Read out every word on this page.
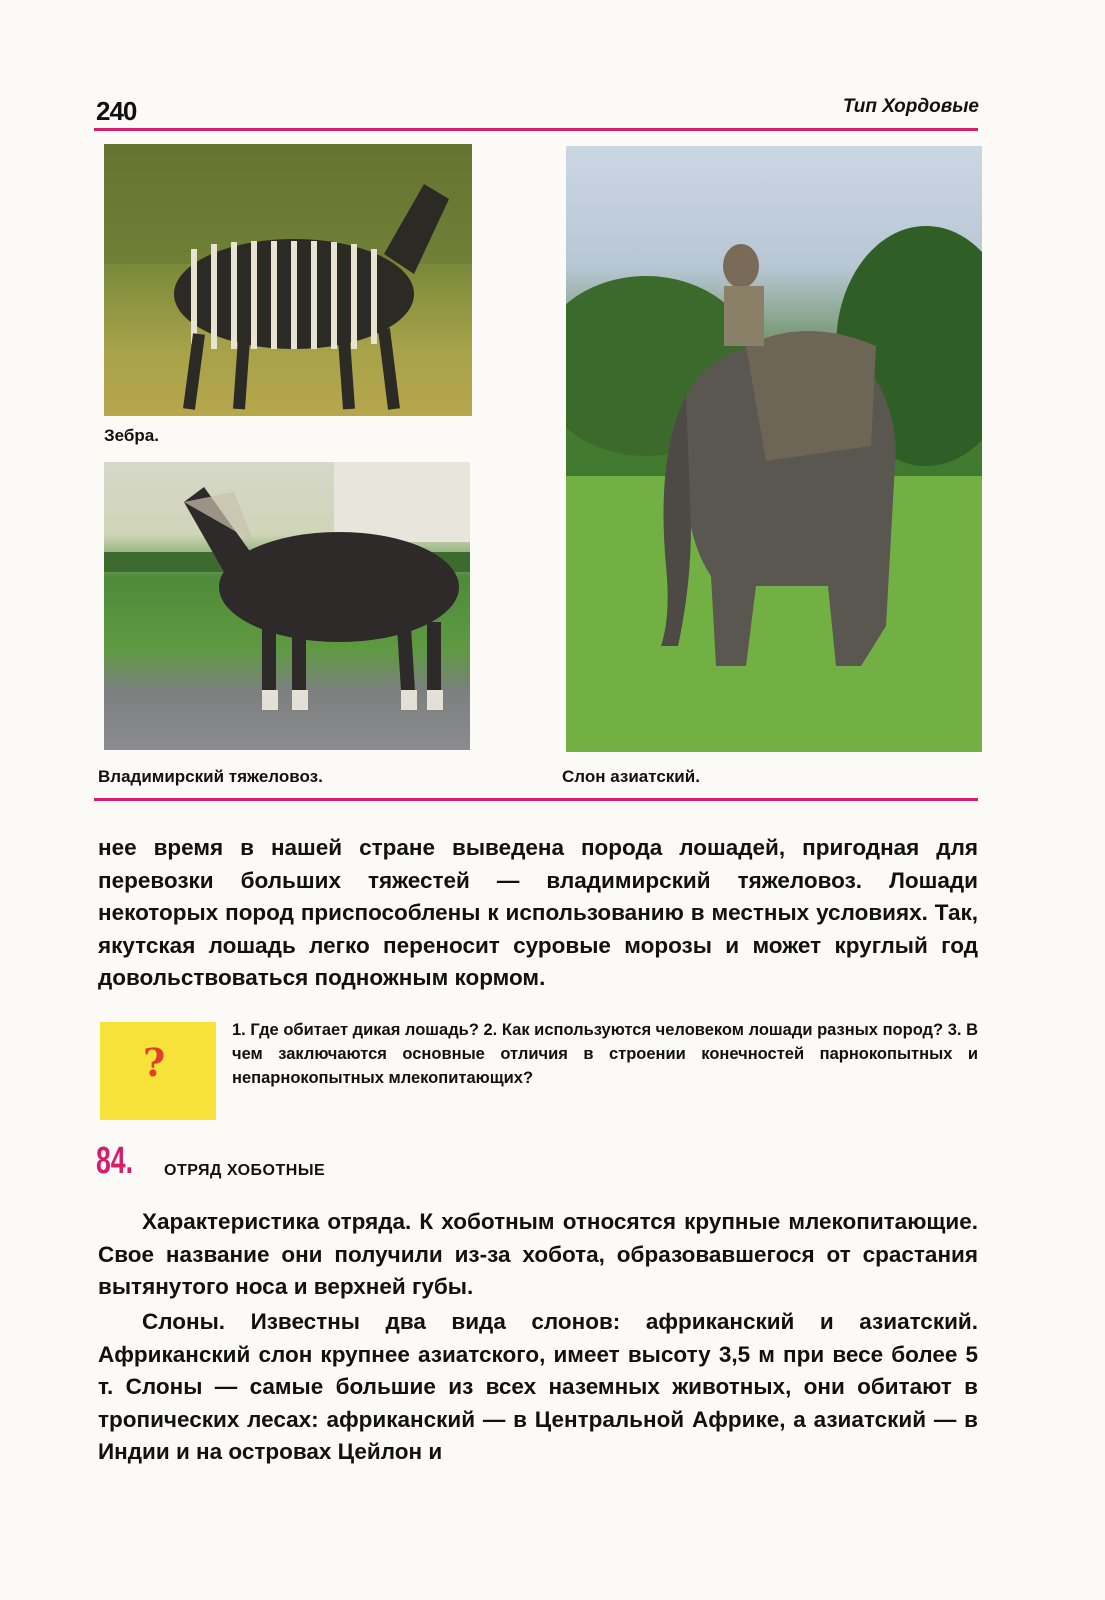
240	Тип Хордовые
Зебра.
Владимирский тяжеловоз.	Слон азиатский.
нее время в нашей стране выведена порода лошадей, пригодная для перевозки больших тяжестей — владимирский тяжеловоз. Лошади некоторых пород приспособлены к использованию в местных условиях. Так, якутская лошадь легко переносит суровые морозы и может круглый год довольствоваться подножным кормом.
?
1. Где обитает дикая лошадь? 2. Как используются человеком лошади разных пород? 3. В чем заключаются основные отличия в строении конечностей парнокопытных и непарнокопытных млекопитающих?
84. ОТРЯД ХОБОТНЫЕ
Характеристика отряда. К хоботным относятся крупные млекопитающие. Свое название они получили из-за хобота, образовавшегося от срастания вытянутого носа и верхней губы.
Слоны. Известны два вида слонов: африканский и азиатский. Африканский слон крупнее азиатского, имеет высоту 3,5 м при весе более 5 т. Слоны — самые большие из всех наземных животных, они обитают в тропических лесах: африканский — в Центральной Африке, а азиатский — в Индии и на островах Цейлон и
